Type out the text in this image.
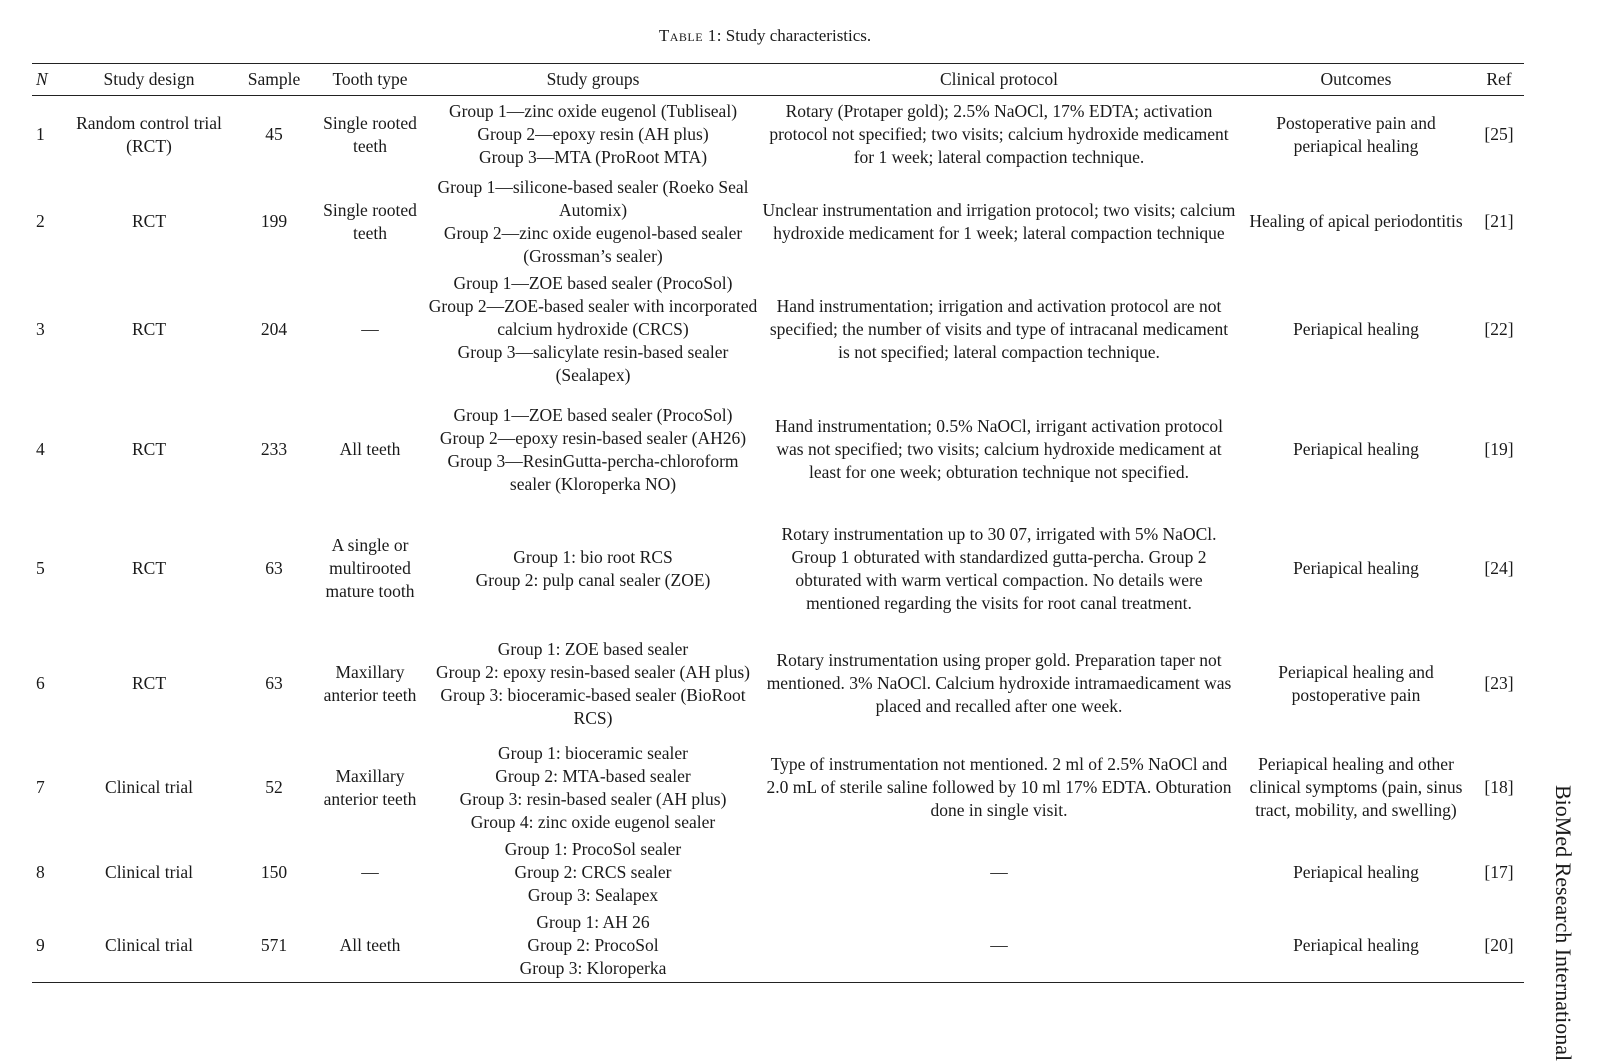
Table 1: Study characteristics.
N	Study design	Sample	Tooth type	Study groups	Clinical protocol	Outcomes	Ref
1	Random control trial (RCT)	45	Single rooted teeth	Group 1—zinc oxide eugenol (Tubliseal)
Group 2—epoxy resin (AH plus)
Group 3—MTA (ProRoot MTA)	Rotary (Protaper gold); 2.5% NaOCl, 17% EDTA; activation protocol not specified; two visits; calcium hydroxide medicament for 1 week; lateral compaction technique.	Postoperative pain and periapical healing	[25]
2	RCT	199	Single rooted teeth	Group 1—silicone-based sealer (Roeko Seal Automix)
Group 2—zinc oxide eugenol-based sealer (Grossman’s sealer)	Unclear instrumentation and irrigation protocol; two visits; calcium hydroxide medicament for 1 week; lateral compaction technique	Healing of apical periodontitis	[21]
3	RCT	204	—	Group 1—ZOE based sealer (ProcoSol)
Group 2—ZOE-based sealer with incorporated calcium hydroxide (CRCS)
Group 3—salicylate resin-based sealer (Sealapex)	Hand instrumentation; irrigation and activation protocol are not specified; the number of visits and type of intracanal medicament is not specified; lateral compaction technique.	Periapical healing	[22]
4	RCT	233	All teeth	Group 1—ZOE based sealer (ProcoSol)
Group 2—epoxy resin-based sealer (AH26)
Group 3—ResinGutta-percha-chloroform sealer (Kloroperka NO)	Hand instrumentation; 0.5% NaOCl, irrigant activation protocol was not specified; two visits; calcium hydroxide medicament at least for one week; obturation technique not specified.	Periapical healing	[19]
5	RCT	63	A single or multirooted mature tooth	Group 1: bio root RCS
Group 2: pulp canal sealer (ZOE)	Rotary instrumentation up to 30 07, irrigated with 5% NaOCl. Group 1 obturated with standardized gutta-percha. Group 2 obturated with warm vertical compaction. No details were mentioned regarding the visits for root canal treatment.	Periapical healing	[24]
6	RCT	63	Maxillary anterior teeth	Group 1: ZOE based sealer
Group 2: epoxy resin-based sealer (AH plus)
Group 3: bioceramic-based sealer (BioRoot RCS)	Rotary instrumentation using proper gold. Preparation taper not mentioned. 3% NaOCl. Calcium hydroxide intramaedicament was placed and recalled after one week.	Periapical healing and postoperative pain	[23]
7	Clinical trial	52	Maxillary anterior teeth	Group 1: bioceramic sealer
Group 2: MTA-based sealer
Group 3: resin-based sealer (AH plus)
Group 4: zinc oxide eugenol sealer	Type of instrumentation not mentioned. 2 ml of 2.5% NaOCl and 2.0 mL of sterile saline followed by 10 ml 17% EDTA. Obturation done in single visit.	Periapical healing and other clinical symptoms (pain, sinus tract, mobility, and swelling)	[18]
8	Clinical trial	150	—	Group 1: ProcoSol sealer
Group 2: CRCS sealer
Group 3: Sealapex	—	Periapical healing	[17]
9	Clinical trial	571	All teeth	Group 1: AH 26
Group 2: ProcoSol
Group 3: Kloroperka	—	Periapical healing	[20] BioMed Research International
